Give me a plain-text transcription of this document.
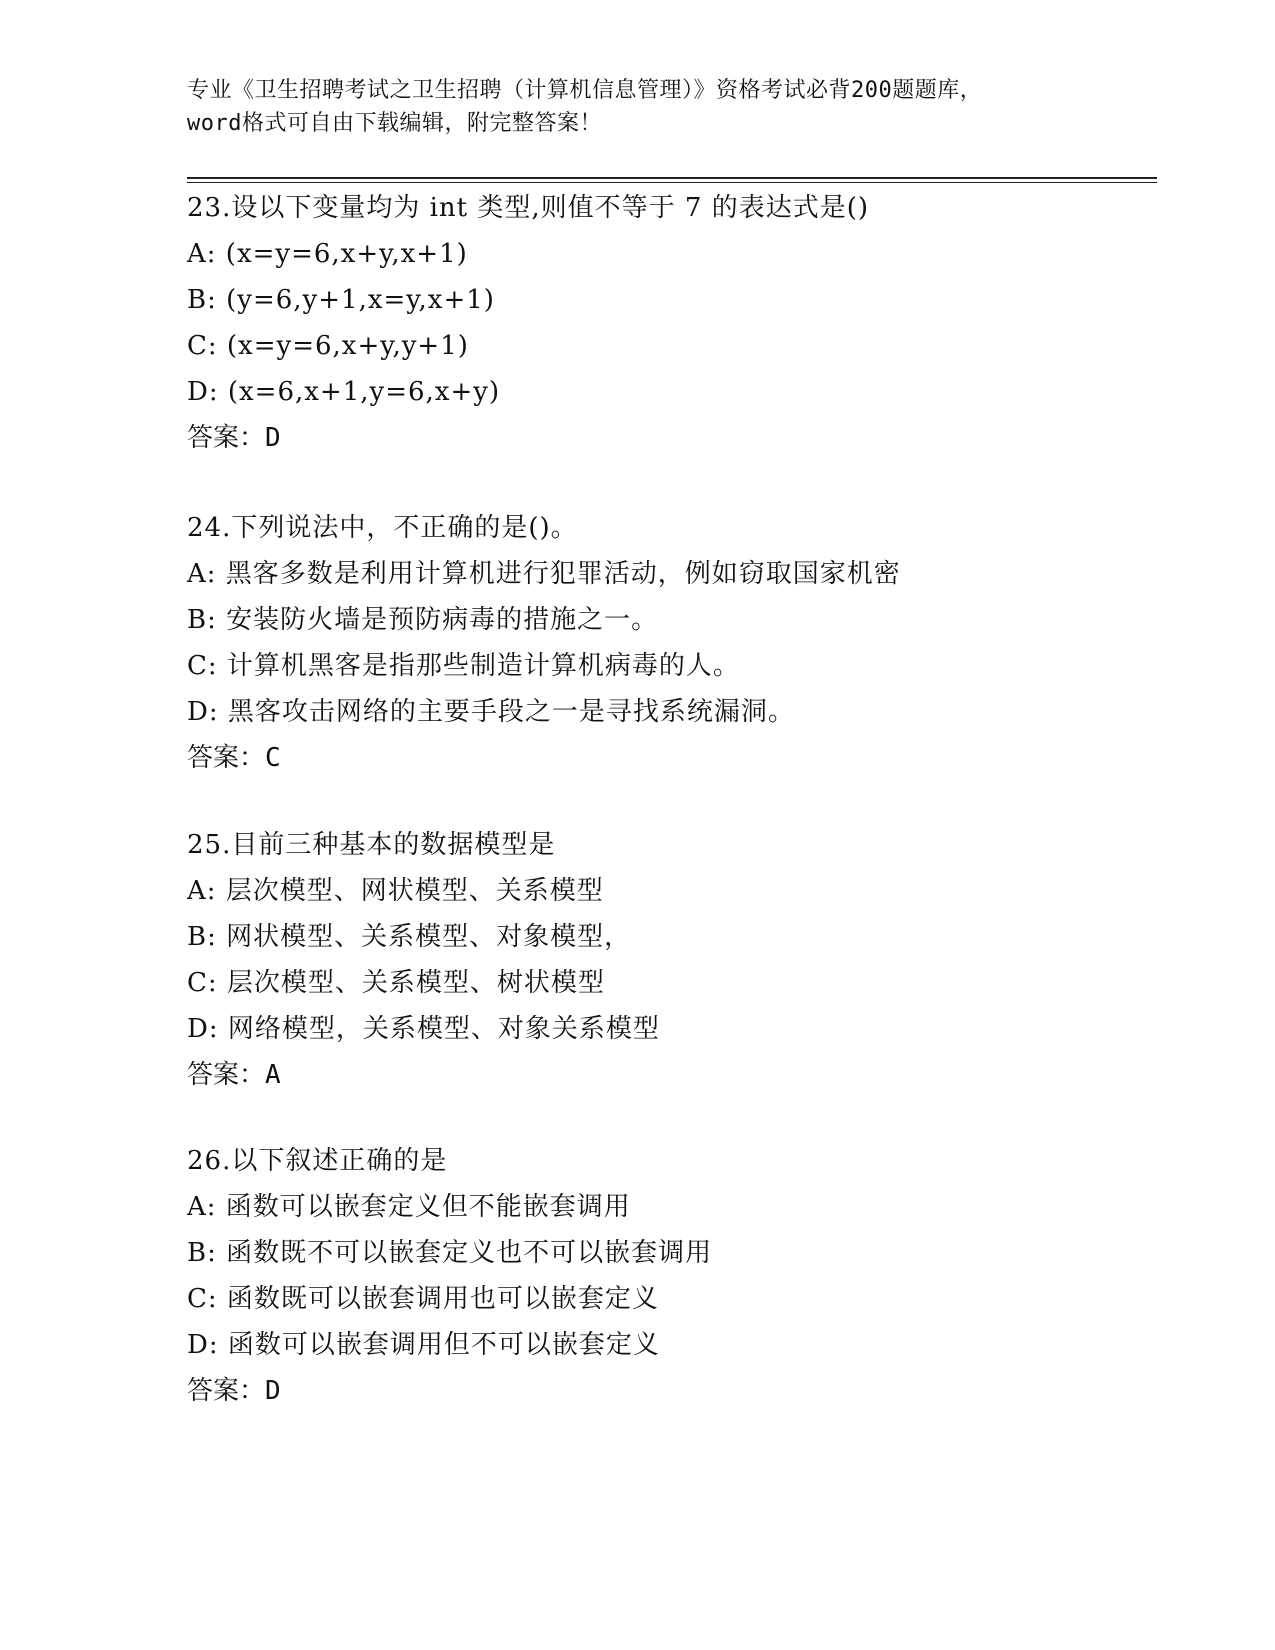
专业《卫生招聘考试之卫生招聘（计算机信息管理）》资格考试必背200题题库，
word格式可自由下载编辑，附完整答案！
23.设以下变量均为 int 类型,则值不等于 7 的表达式是()
A: (x=y=6,x+y,x+1)
B: (y=6,y+1,x=y,x+1)
C: (x=y=6,x+y,y+1)
D: (x=6,x+1,y=6,x+y)
答案：D
24.下列说法中，不正确的是()。
A: 黑客多数是利用计算机进行犯罪活动，例如窃取国家机密
B: 安装防火墙是预防病毒的措施之一。
C: 计算机黑客是指那些制造计算机病毒的人。
D: 黑客攻击网络的主要手段之一是寻找系统漏洞。
答案：C
25.目前三种基本的数据模型是
A: 层次模型、网状模型、关系模型
B: 网状模型、关系模型、对象模型，
C: 层次模型、关系模型、树状模型
D: 网络模型，关系模型、对象关系模型
答案：A
26.以下叙述正确的是
A: 函数可以嵌套定义但不能嵌套调用
B: 函数既不可以嵌套定义也不可以嵌套调用
C: 函数既可以嵌套调用也可以嵌套定义
D: 函数可以嵌套调用但不可以嵌套定义
答案：D
